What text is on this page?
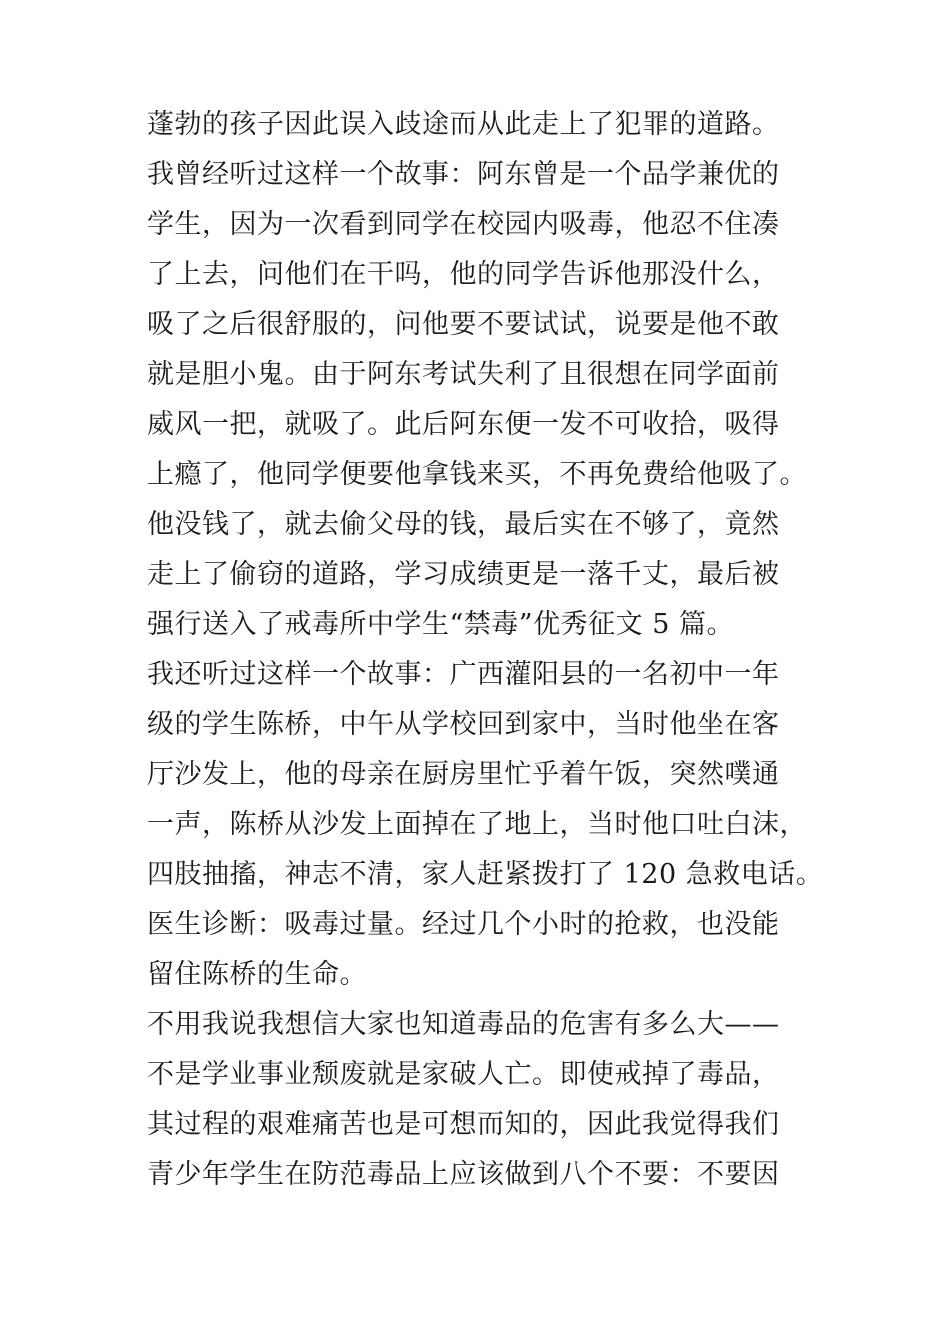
蓬勃的孩子因此误入歧途而从此走上了犯罪的道路。
我曾经听过这样一个故事：阿东曾是一个品学兼优的
学生，因为一次看到同学在校园内吸毒，他忍不住凑
了上去，问他们在干吗，他的同学告诉他那没什么，
吸了之后很舒服的，问他要不要试试，说要是他不敢
就是胆小鬼。由于阿东考试失利了且很想在同学面前
威风一把，就吸了。此后阿东便一发不可收拾，吸得
上瘾了，他同学便要他拿钱来买，不再免费给他吸了。
他没钱了，就去偷父母的钱，最后实在不够了，竟然
走上了偷窃的道路，学习成绩更是一落千丈，最后被
强行送入了戒毒所中学生“禁毒”优秀征文 5 篇。
我还听过这样一个故事：广西灌阳县的一名初中一年
级的学生陈桥，中午从学校回到家中，当时他坐在客
厅沙发上，他的母亲在厨房里忙乎着午饭，突然噗通
一声，陈桥从沙发上面掉在了地上，当时他口吐白沫，
四肢抽搐，神志不清，家人赶紧拨打了 120 急救电话。
医生诊断：吸毒过量。经过几个小时的抢救，也没能
留住陈桥的生命。
不用我说我想信大家也知道毒品的危害有多么大——
不是学业事业颓废就是家破人亡。即使戒掉了毒品，
其过程的艰难痛苦也是可想而知的，因此我觉得我们
青少年学生在防范毒品上应该做到八个不要：不要因
